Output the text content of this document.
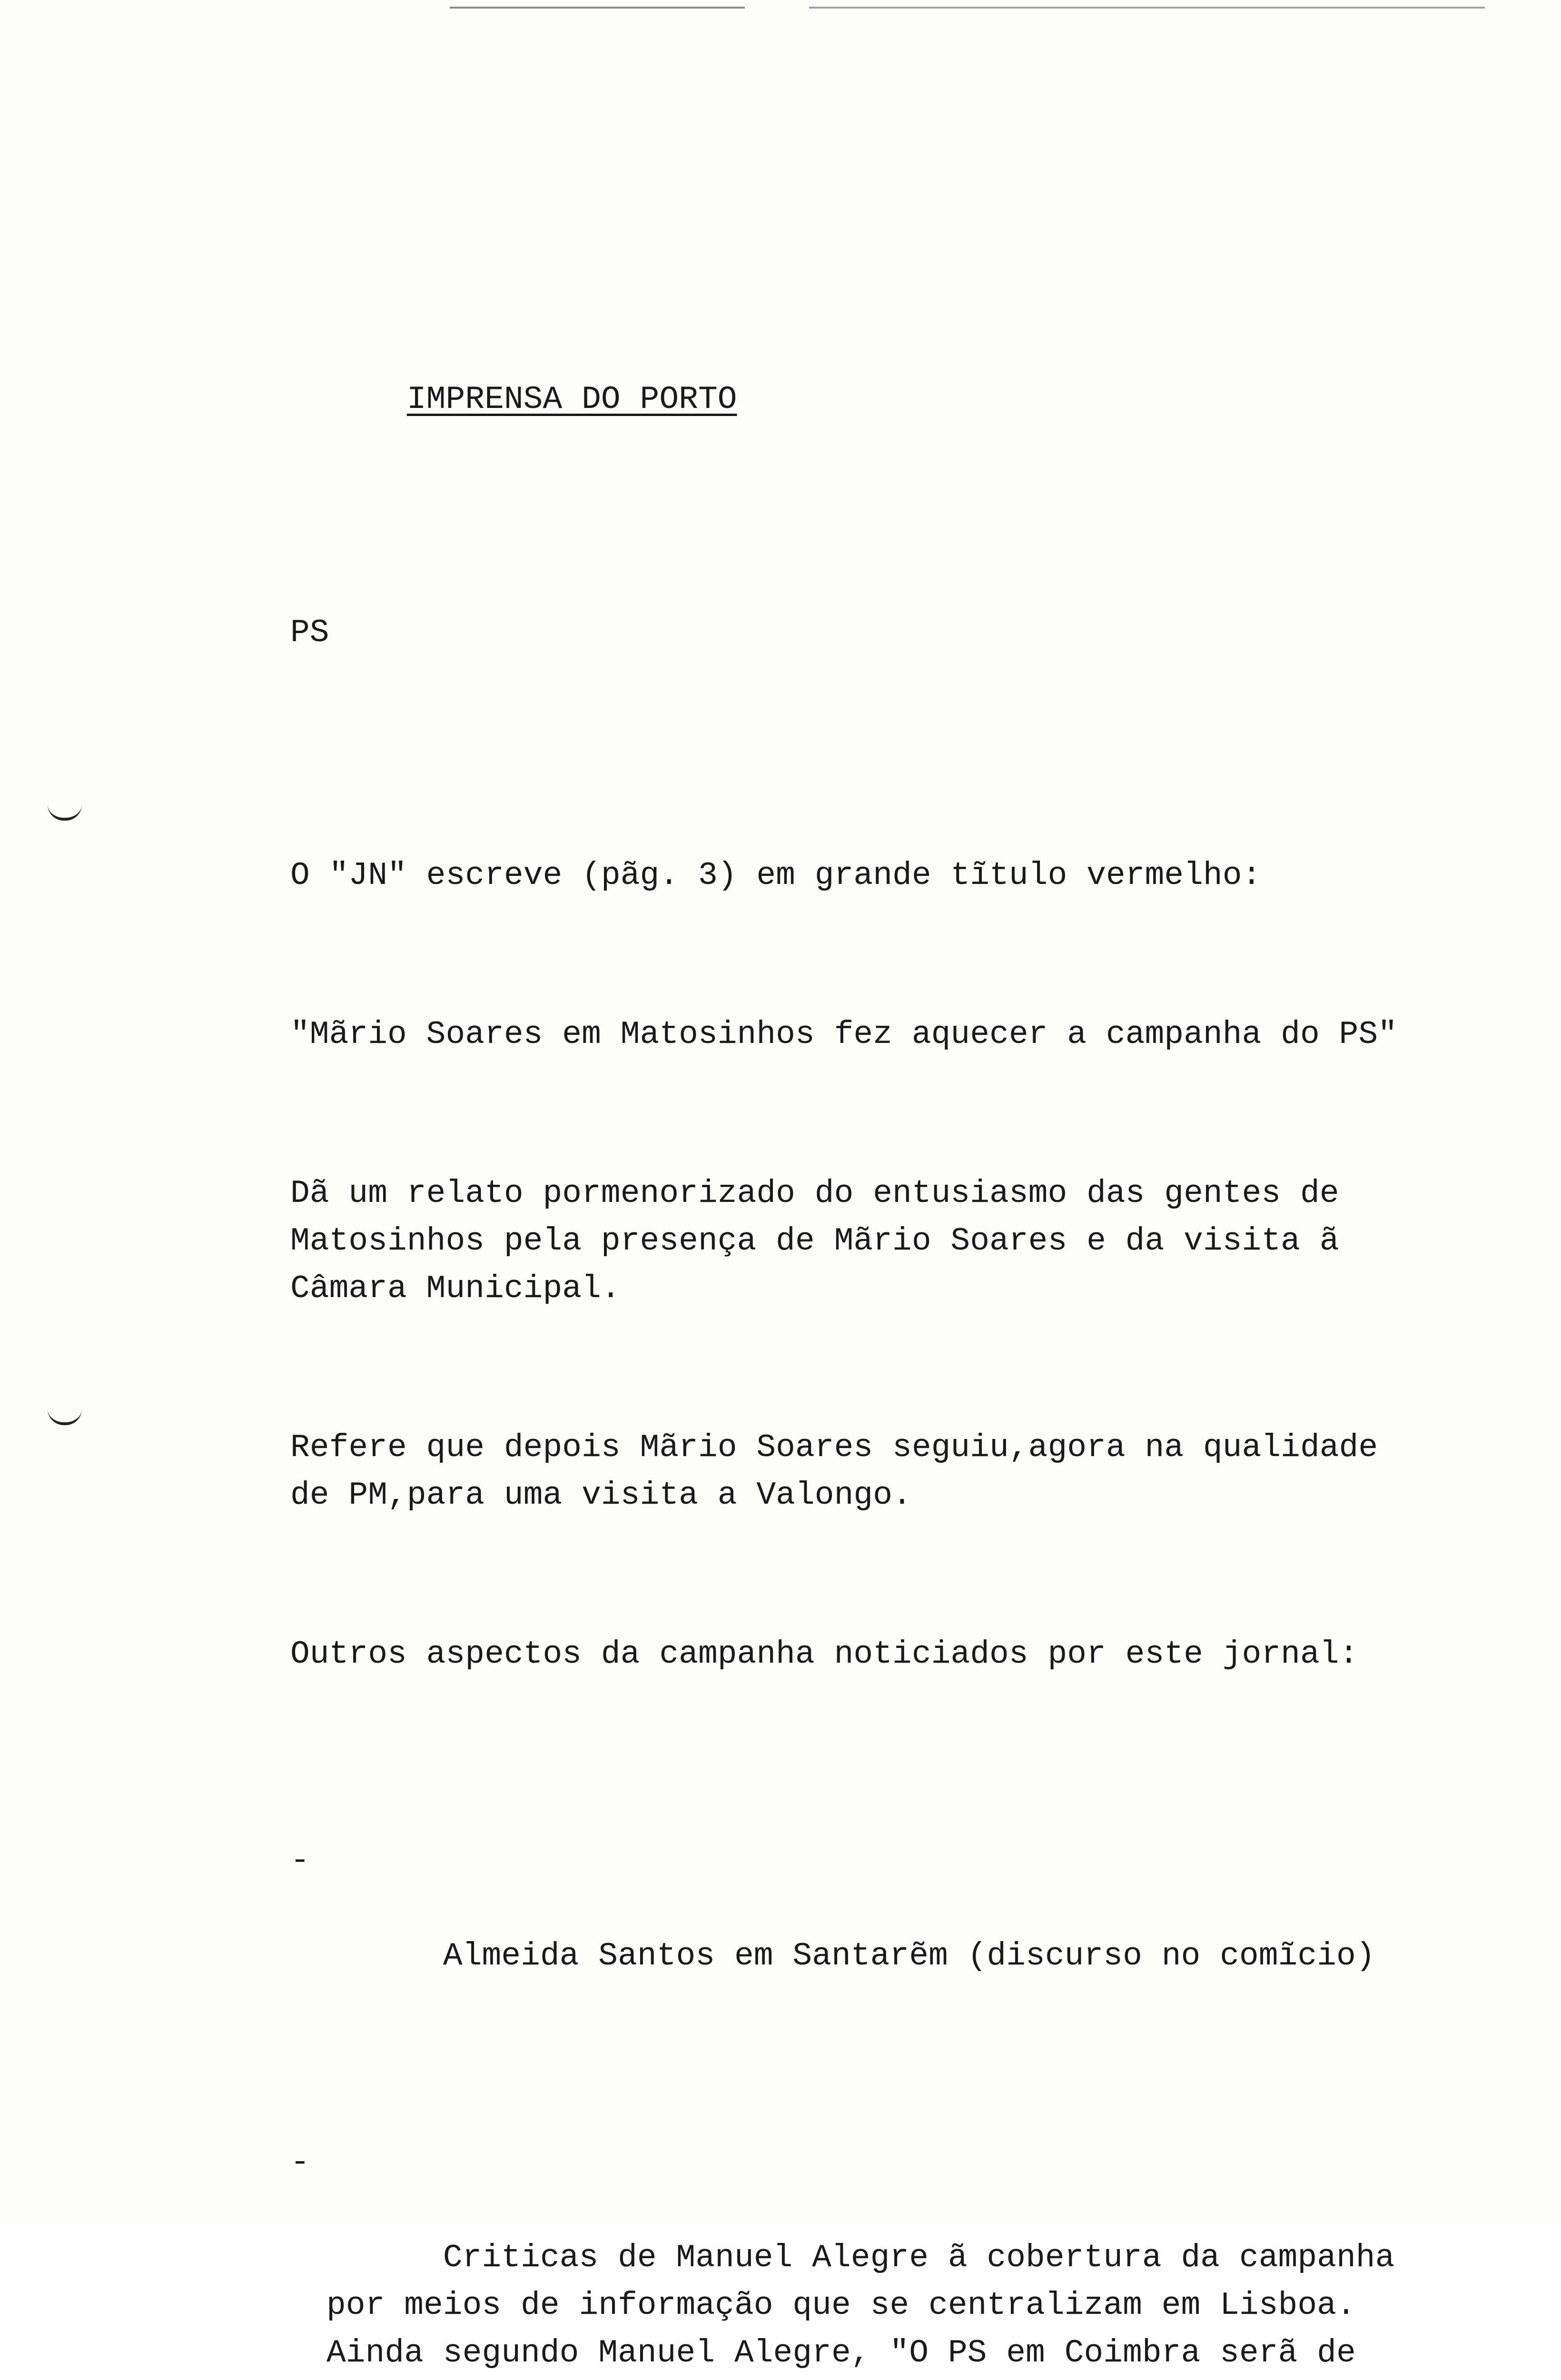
IMPRENSA DO PORTO

PS

O "JN" escreve (pãg. 3) em grande tĩtulo vermelho:

"Mãrio Soares em Matosinhos fez aquecer a campanha do PS"

Dã um relato pormenorizado do entusiasmo das gentes de Matosinhos pela presença de Mãrio Soares e da visita ã Câmara Municipal.

Refere que depois Mãrio Soares seguiu,agora na qualidade de PM,para uma visita a Valongo.

Outros aspectos da campanha noticiados por este jornal:

-

Almeida Santos em Santarẽm (discurso no comĩcio)

-

Criticas de Manuel Alegre ã cobertura da campanha por meios de informação que se centralizam em Lisboa. Ainda segundo Manuel Alegre, "O PS em Coimbra serã de
